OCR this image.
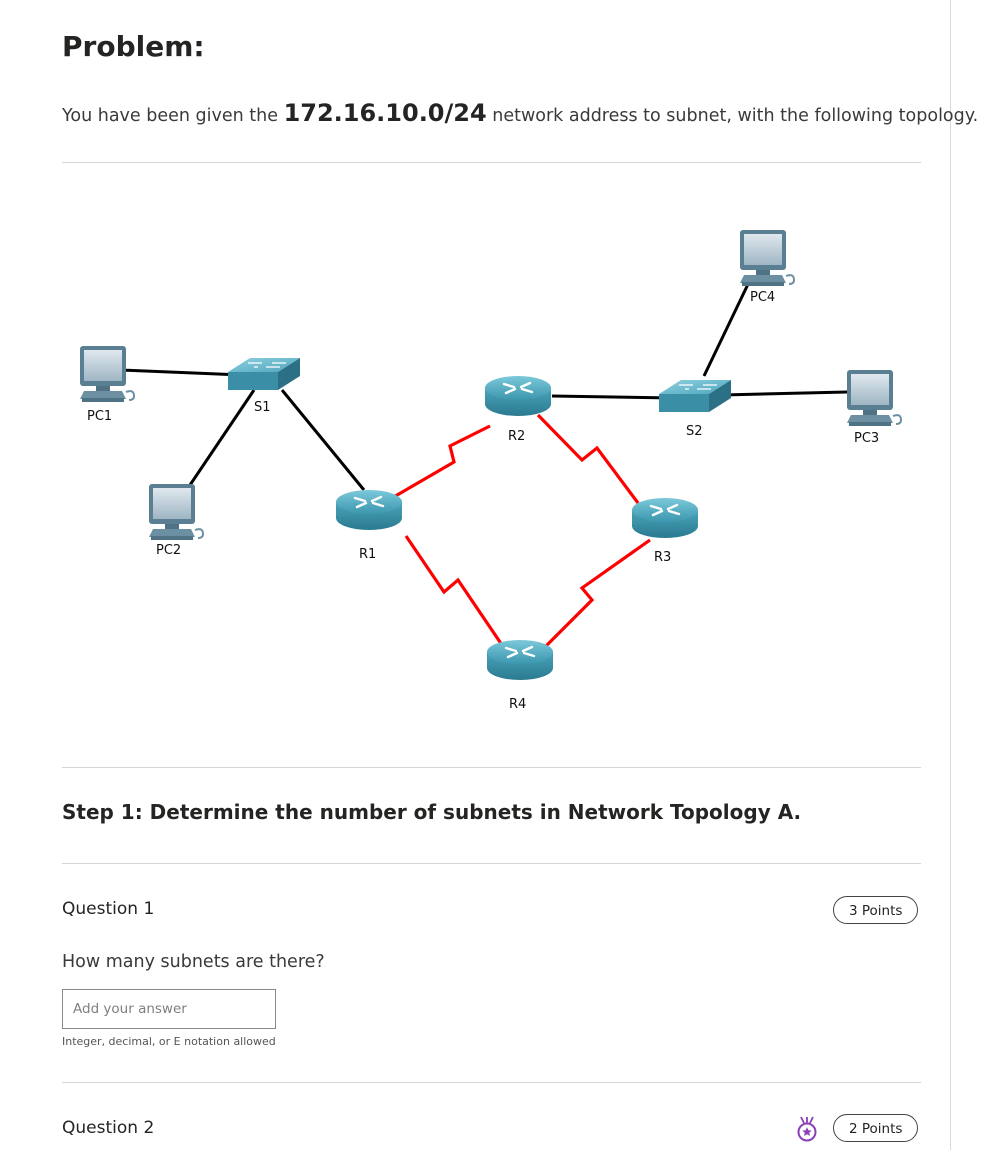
Problem:
You have been given the 172.16.10.0/24 network address to subnet, with the following topology.
PC1
S1
PC2	R1
R2	S2
PC4
PC3
R3
R4
Step 1: Determine the number of subnets in Network Topology A.
Question 1	3 Points
How many subnets are there?
Add your answer
Integer, decimal, or E notation allowed
Question 2	2 Points
